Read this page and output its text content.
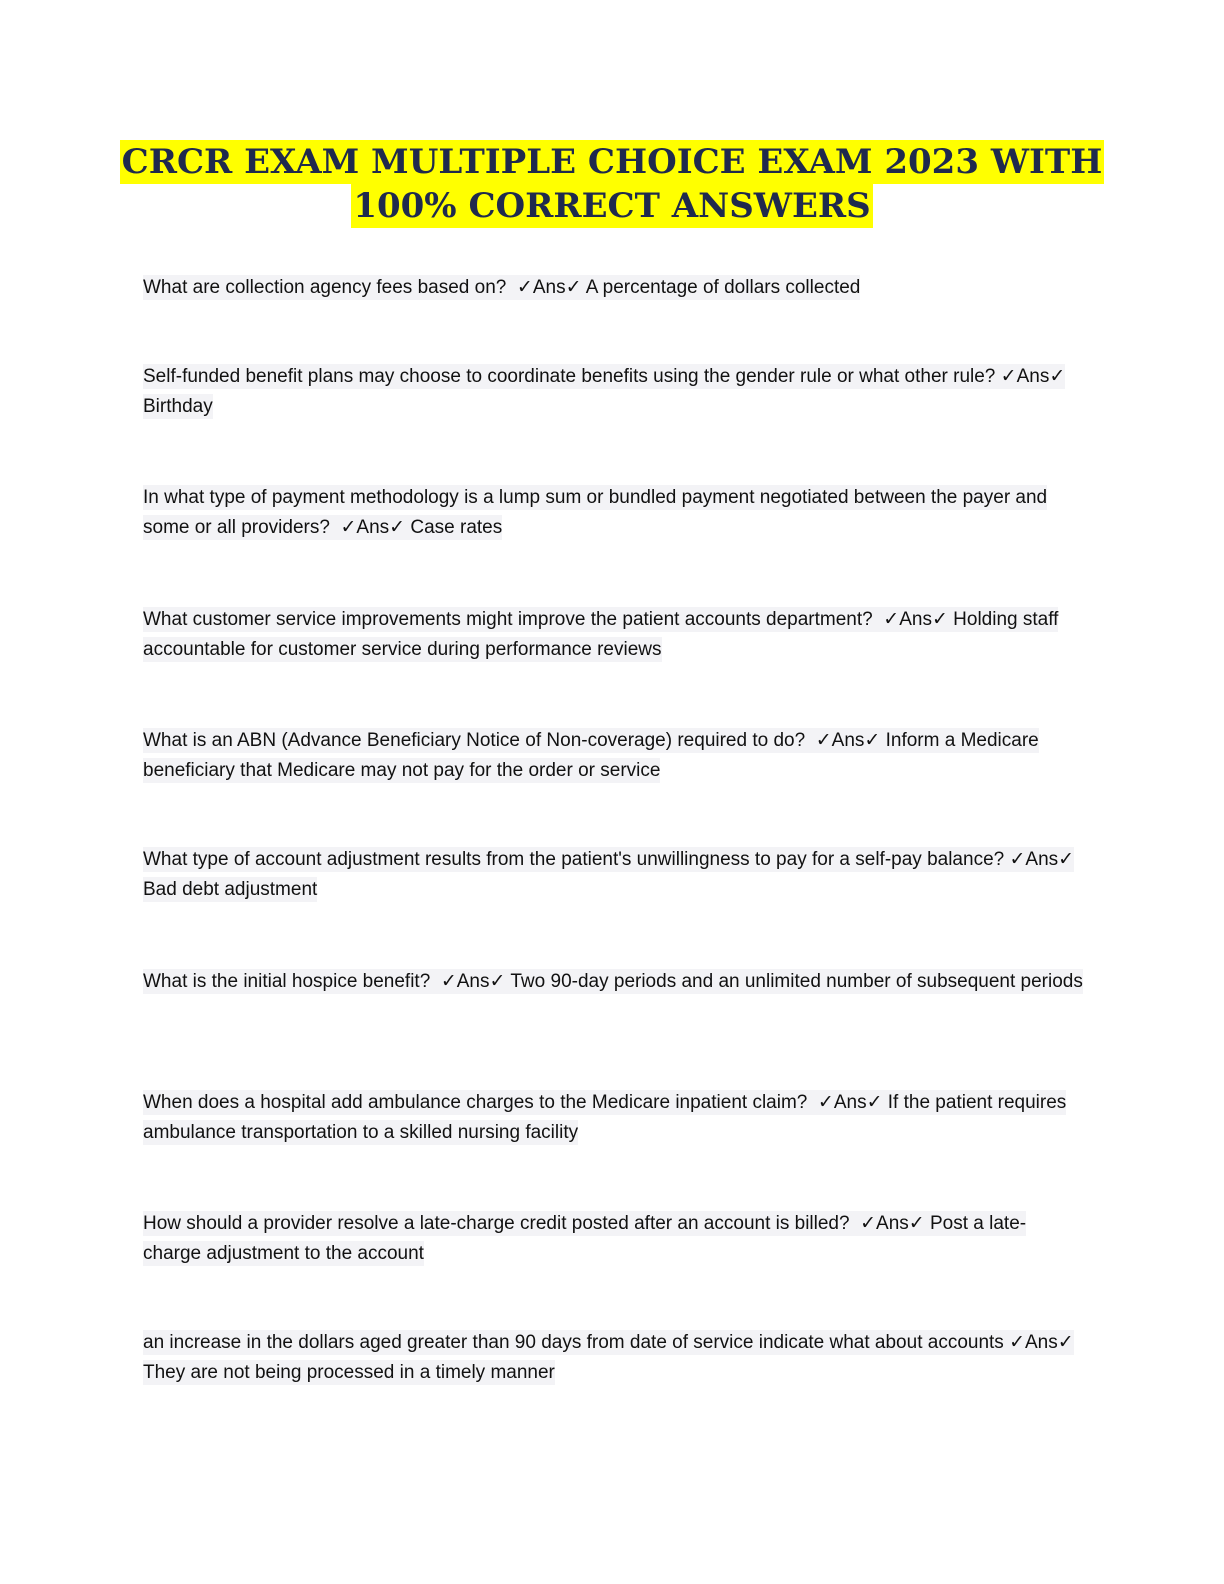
CRCR EXAM MULTIPLE CHOICE EXAM 2023 WITH
100% CORRECT ANSWERS
What are collection agency fees based on? ✓Ans✓ A percentage of dollars collected
Self-funded benefit plans may choose to coordinate benefits using the gender rule or what other rule? ✓Ans✓ Birthday
In what type of payment methodology is a lump sum or bundled payment negotiated between the payer and some or all providers? ✓Ans✓ Case rates
What customer service improvements might improve the patient accounts department? ✓Ans✓ Holding staff accountable for customer service during performance reviews
What is an ABN (Advance Beneficiary Notice of Non-coverage) required to do? ✓Ans✓ Inform a Medicare beneficiary that Medicare may not pay for the order or service
What type of account adjustment results from the patient's unwillingness to pay for a self-pay balance? ✓Ans✓ Bad debt adjustment
What is the initial hospice benefit? ✓Ans✓ Two 90-day periods and an unlimited number of subsequent periods
When does a hospital add ambulance charges to the Medicare inpatient claim? ✓Ans✓ If the patient requires ambulance transportation to a skilled nursing facility
How should a provider resolve a late-charge credit posted after an account is billed? ✓Ans✓ Post a late-charge adjustment to the account
an increase in the dollars aged greater than 90 days from date of service indicate what about accounts ✓Ans✓ They are not being processed in a timely manner
